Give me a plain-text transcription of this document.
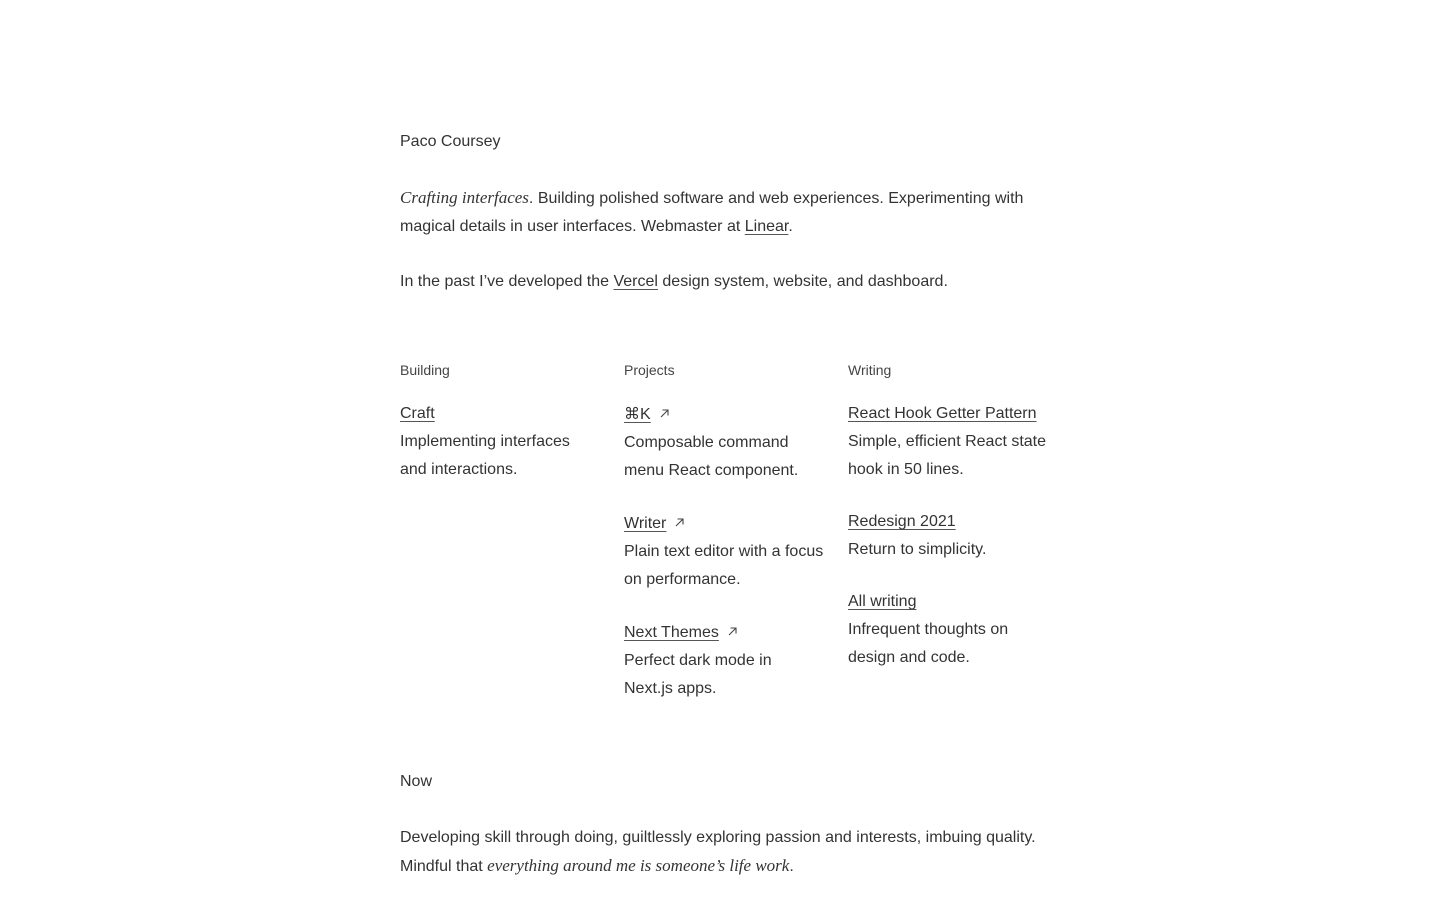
Paco Coursey

Crafting interfaces. Building polished software and web experiences. Experimenting with magical details in user interfaces. Webmaster at Linear.

In the past I’ve developed the Vercel design system, website, and dashboard.

Building
Craft
Implementing interfaces and interactions.
Projects
⌘K
Composable command menu React component.
Writer
Plain text editor with a focus on performance.
Next Themes
Perfect dark mode in Next.js apps.
Writing
React Hook Getter Pattern
Simple, efficient React state hook in 50 lines.
Redesign 2021
Return to simplicity.
All writing
Infrequent thoughts on design and code.
Now

Developing skill through doing, guiltlessly exploring passion and interests, imbuing quality. Mindful that everything around me is someone’s life work.
